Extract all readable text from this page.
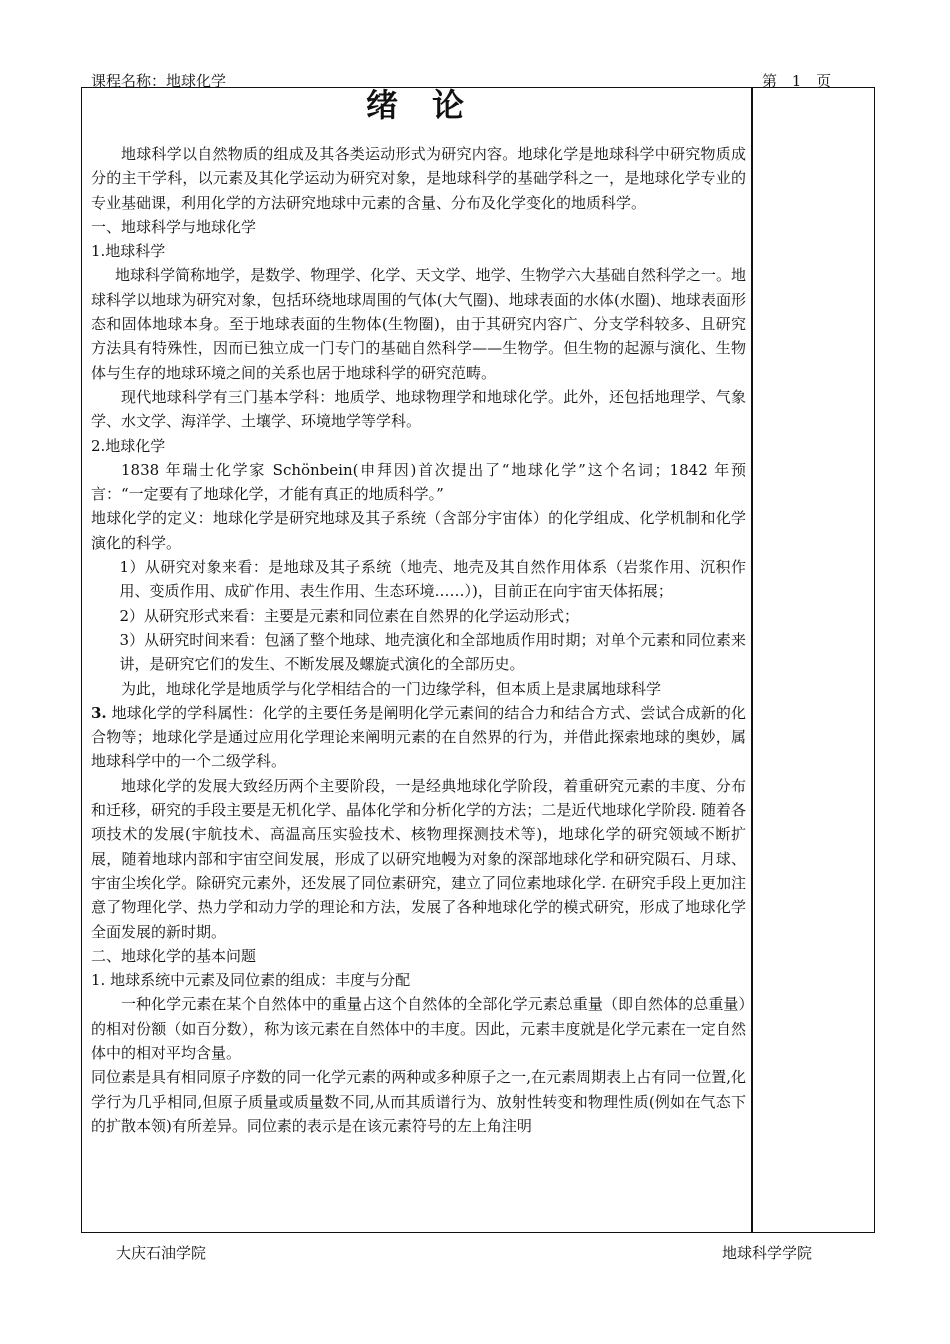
课程名称：地球化学	第 1 页
绪论

地球科学以自然物质的组成及其各类运动形式为研究内容。地球化学是地球科学中研究物质成分的主干学科，以元素及其化学运动为研究对象，是地球科学的基础学科之一，是地球化学专业的专业基础课，利用化学的方法研究地球中元素的含量、分布及化学变化的地质科学。

一、地球科学与地球化学

1.地球科学

地球科学简称地学，是数学、物理学、化学、天文学、地学、生物学六大基础自然科学之一。地球科学以地球为研究对象，包括环绕地球周围的气体(大气圈)、地球表面的水体(水圈)、地球表面形态和固体地球本身。至于地球表面的生物体(生物圈)，由于其研究内容广、分支学科较多、且研究方法具有特殊性，因而已独立成一门专门的基础自然科学——生物学。但生物的起源与演化、生物体与生存的地球环境之间的关系也居于地球科学的研究范畴。

现代地球科学有三门基本学科：地质学、地球物理学和地球化学。此外，还包括地理学、气象学、水文学、海洋学、土壤学、环境地学等学科。

2.地球化学

1838 年瑞士化学家 Schönbein(申拜因)首次提出了“地球化学”这个名词；1842 年预言：“一定要有了地球化学，才能有真正的地质科学。”

地球化学的定义：地球化学是研究地球及其子系统（含部分宇宙体）的化学组成、化学机制和化学演化的科学。

1）从研究对象来看：是地球及其子系统（地壳、地壳及其自然作用体系（岩浆作用、沉积作用、变质作用、成矿作用、表生作用、生态环境……）)，目前正在向宇宙天体拓展；

2）从研究形式来看：主要是元素和同位素在自然界的化学运动形式；

3）从研究时间来看：包涵了整个地球、地壳演化和全部地质作用时期；对单个元素和同位素来讲，是研究它们的发生、不断发展及螺旋式演化的全部历史。

为此，地球化学是地质学与化学相结合的一门边缘学科，但本质上是隶属地球科学

3. 地球化学的学科属性：化学的主要任务是阐明化学元素间的结合力和结合方式、尝试合成新的化合物等；地球化学是通过应用化学理论来阐明元素的在自然界的行为，并借此探索地球的奥妙，属地球科学中的一个二级学科。

地球化学的发展大致经历两个主要阶段，一是经典地球化学阶段，着重研究元素的丰度、分布和迁移，研究的手段主要是无机化学、晶体化学和分析化学的方法；二是近代地球化学阶段. 随着各项技术的发展(宇航技术、高温高压实验技术、核物理探测技术等)，地球化学的研究领域不断扩展，随着地球内部和宇宙空间发展，形成了以研究地幔为对象的深部地球化学和研究陨石、月球、宇宙尘埃化学。除研究元素外，还发展了同位素研究，建立了同位素地球化学. 在研究手段上更加注意了物理化学、热力学和动力学的理论和方法，发展了各种地球化学的模式研究，形成了地球化学全面发展的新时期。

二、地球化学的基本问题

1. 地球系统中元素及同位素的组成：丰度与分配

一种化学元素在某个自然体中的重量占这个自然体的全部化学元素总重量（即自然体的总重量）的相对份额（如百分数），称为该元素在自然体中的丰度。因此，元素丰度就是化学元素在一定自然体中的相对平均含量。

同位素是具有相同原子序数的同一化学元素的两种或多种原子之一,在元素周期表上占有同一位置,化学行为几乎相同,但原子质量或质量数不同,从而其质谱行为、放射性转变和物理性质(例如在气态下的扩散本领)有所差异。同位素的表示是在该元素符号的左上角注明

大庆石油学院	地球科学学院
